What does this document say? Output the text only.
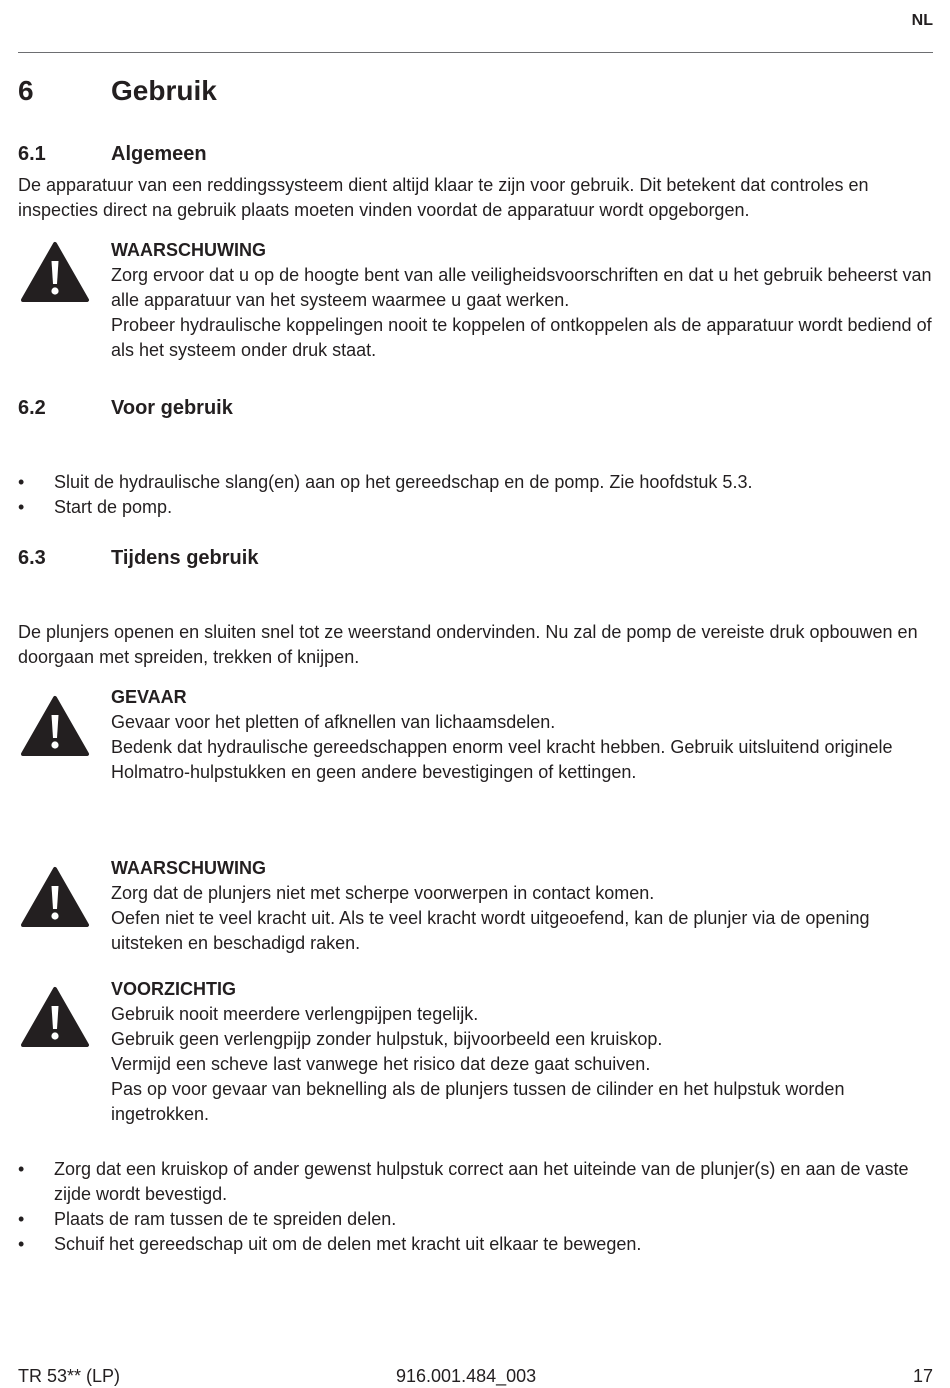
NL
6	Gebruik
6.1	Algemeen

De apparatuur van een reddingssysteem dient altijd klaar te zijn voor gebruik. Dit betekent dat controles en inspecties direct na gebruik plaats moeten vinden voordat de apparatuur wordt opgeborgen.

WAARSCHUWING
Zorg ervoor dat u op de hoogte bent van alle veiligheidsvoorschriften en dat u het gebruik beheerst van alle apparatuur van het systeem waarmee u gaat werken.
Probeer hydraulische koppelingen nooit te koppelen of ontkoppelen als de apparatuur wordt bediend of als het systeem onder druk staat.
6.2	Voor gebruik
• Sluit de hydraulische slang(en) aan op het gereedschap en de pomp. Zie hoofdstuk 5.3.
• Start de pomp.
6.3	Tijdens gebruik

De plunjers openen en sluiten snel tot ze weerstand ondervinden. Nu zal de pomp de vereiste druk opbouwen en doorgaan met spreiden, trekken of knijpen.

GEVAAR
Gevaar voor het pletten of afknellen van lichaamsdelen.
Bedenk dat hydraulische gereedschappen enorm veel kracht hebben. Gebruik uitsluitend originele Holmatro-hulpstukken en geen andere bevestigingen of kettingen.
WAARSCHUWING
Zorg dat de plunjers niet met scherpe voorwerpen in contact komen.
Oefen niet te veel kracht uit. Als te veel kracht wordt uitgeoefend, kan de plunjer via de opening uitsteken en beschadigd raken.
VOORZICHTIG
Gebruik nooit meerdere verlengpijpen tegelijk.
Gebruik geen verlengpijp zonder hulpstuk, bijvoorbeeld een kruiskop.
Vermijd een scheve last vanwege het risico dat deze gaat schuiven.
Pas op voor gevaar van beknelling als de plunjers tussen de cilinder en het hulpstuk worden ingetrokken.
• Zorg dat een kruiskop of ander gewenst hulpstuk correct aan het uiteinde van de plunjer(s) en aan de vaste zijde wordt bevestigd.
• Plaats de ram tussen de te spreiden delen.
• Schuif het gereedschap uit om de delen met kracht uit elkaar te bewegen.
TR 53** (LP)	916.001.484_003	17
